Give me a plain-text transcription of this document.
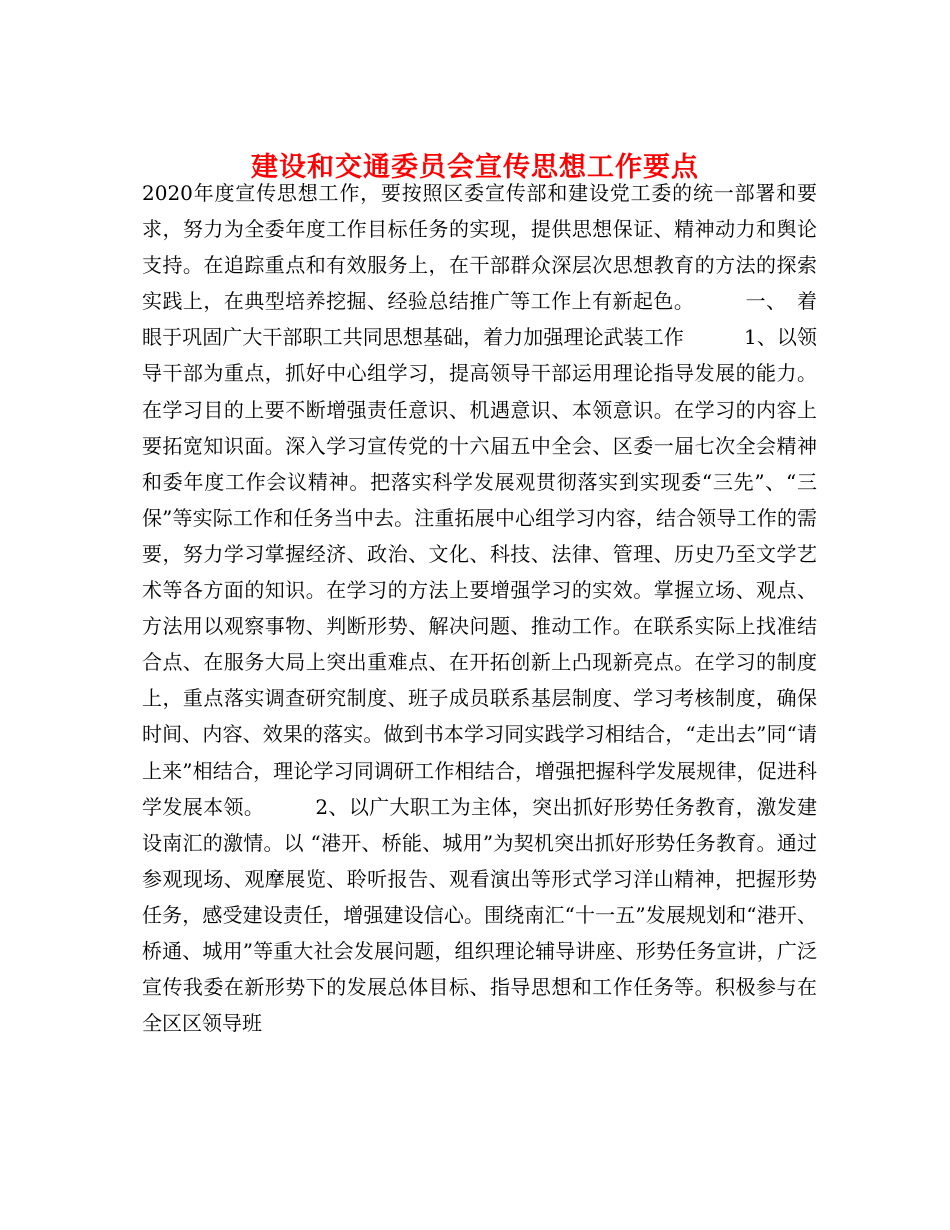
建设和交通委员会宣传思想工作要点

2020年度宣传思想工作，要按照区委宣传部和建设党工委的统一部署和要求，努力为全委年度工作目标任务的实现，提供思想保证、精神动力和舆论支持。在追踪重点和有效服务上，在干部群众深层次思想教育的方法的探索实践上，在典型培养挖掘、经验总结推广等工作上有新起色。　　　一、　着眼于巩固广大干部职工共同思想基础，着力加强理论武装工作　　　1、以领导干部为重点，抓好中心组学习，提高领导干部运用理论指导发展的能力。在学习目的上要不断增强责任意识、机遇意识、本领意识。在学习的内容上要拓宽知识面。深入学习宣传党的十六届五中全会、区委一届七次全会精神和委年度工作会议精神。把落实科学发展观贯彻落实到实现委“三先”、“三保”等实际工作和任务当中去。注重拓展中心组学习内容，结合领导工作的需要，努力学习掌握经济、政治、文化、科技、法律、管理、历史乃至文学艺术等各方面的知识。在学习的方法上要增强学习的实效。掌握立场、观点、方法用以观察事物、判断形势、解决问题、推动工作。在联系实际上找准结合点、在服务大局上突出重难点、在开拓创新上凸现新亮点。在学习的制度上，重点落实调查研究制度、班子成员联系基层制度、学习考核制度，确保时间、内容、效果的落实。做到书本学习同实践学习相结合，“走出去”同“请上来”相结合，理论学习同调研工作相结合，增强把握科学发展规律，促进科学发展本领。　　　2、以广大职工为主体，突出抓好形势任务教育，激发建设南汇的激情。以 “港开、桥能、城用”为契机突出抓好形势任务教育。通过参观现场、观摩展览、聆听报告、观看演出等形式学习洋山精神，把握形势任务，感受建设责任，增强建设信心。围绕南汇“十一五”发展规划和“港开、桥通、城用”等重大社会发展问题，组织理论辅导讲座、形势任务宣讲，广泛宣传我委在新形势下的发展总体目标、指导思想和工作任务等。积极参与在全区区领导班
